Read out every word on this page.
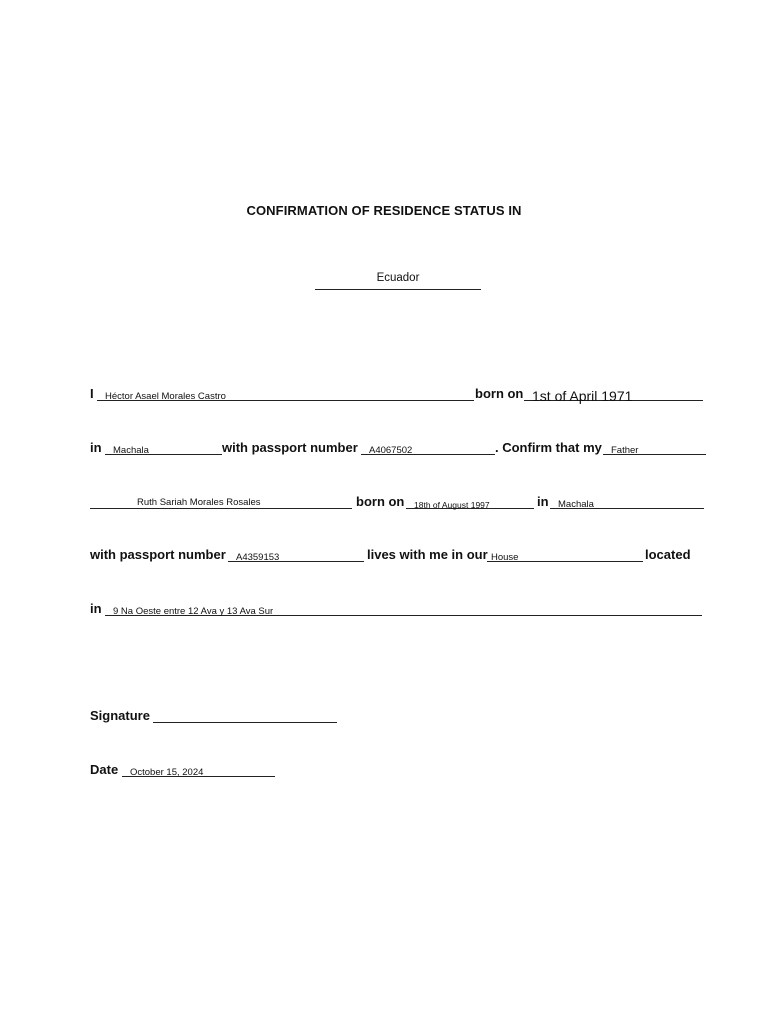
CONFIRMATION OF RESIDENCE STATUS IN
Ecuador
I Héctor Asael Morales Castro	born on 1st of April 1971
in Machala	with passport number A4067502	. Confirm that my Father
Ruth Sariah Morales Rosales	born on 18th of August 1997	in Machala
with passport number A4359153	lives with me in our House	located
in 9 Na Oeste entre 12 Ava y 13 Ava Sur
Signature
Date October 15, 2024
